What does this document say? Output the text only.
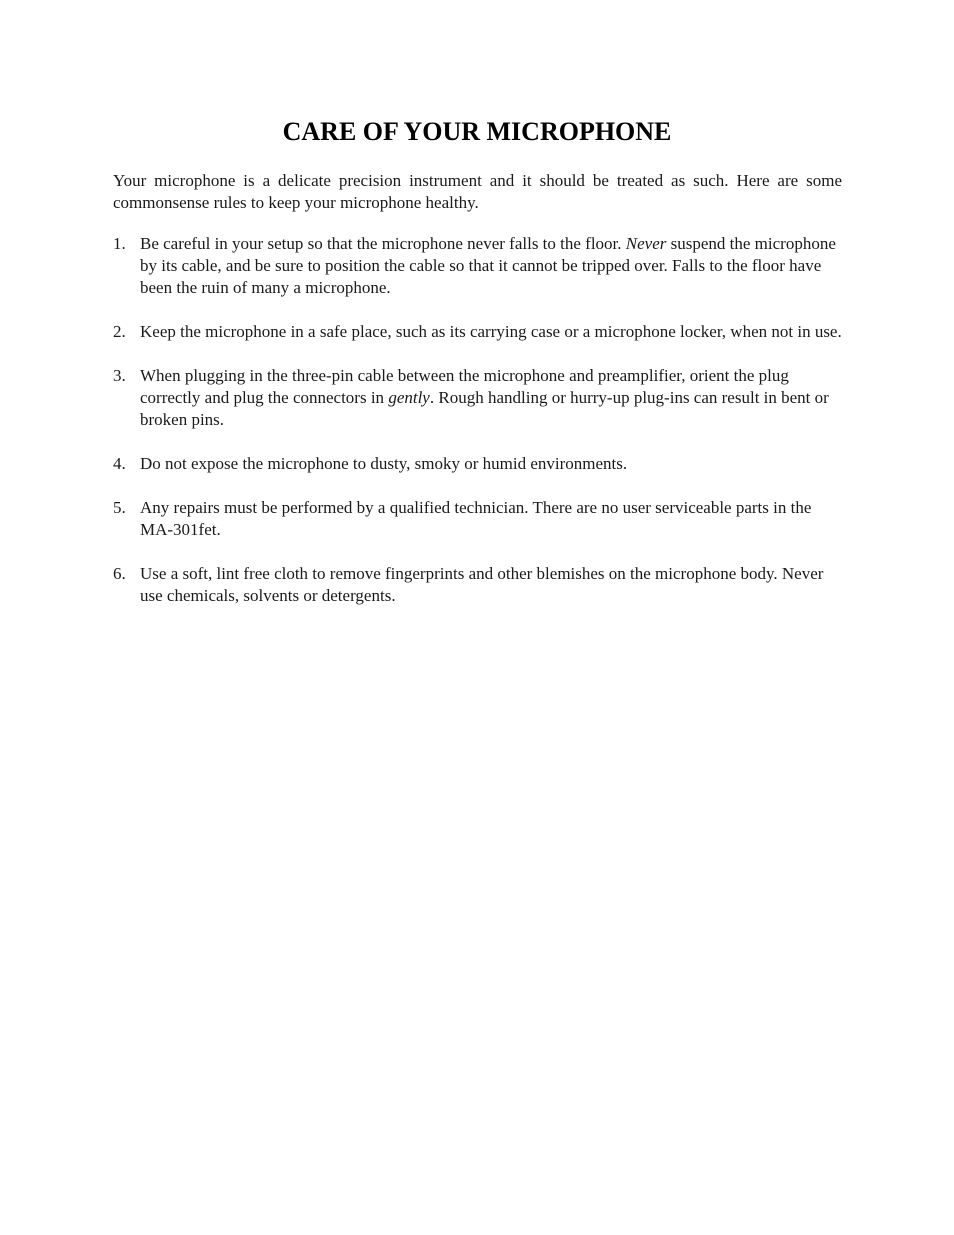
CARE OF YOUR MICROPHONE

Your microphone is a delicate precision instrument and it should be treated as such. Here are some commonsense rules to keep your microphone healthy.

1. Be careful in your setup so that the microphone never falls to the floor. Never suspend the microphone by its cable, and be sure to position the cable so that it cannot be tripped over. Falls to the floor have been the ruin of many a microphone.
2. Keep the microphone in a safe place, such as its carrying case or a microphone locker, when not in use.
3. When plugging in the three-pin cable between the microphone and preamplifier, orient the plug correctly and plug the connectors in gently. Rough handling or hurry-up plug-ins can result in bent or broken pins.
4. Do not expose the microphone to dusty, smoky or humid environments.
5. Any repairs must be performed by a qualified technician. There are no user serviceable parts in the MA-301fet.
6. Use a soft, lint free cloth to remove fingerprints and other blemishes on the microphone body. Never use chemicals, solvents or detergents.
